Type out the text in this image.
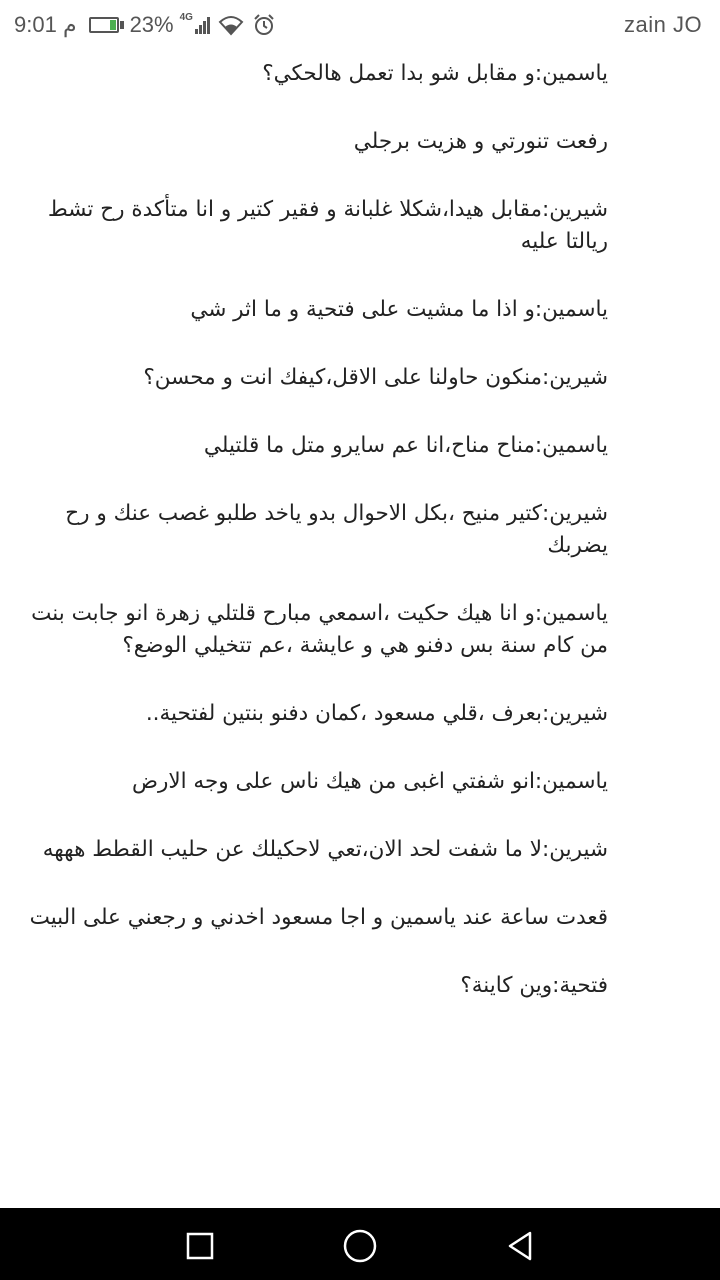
9:01 م 23% 4G	zain JO

ياسمين:و مقابل شو بدا تعمل هالحكي؟

رفعت تنورتي و هزيت برجلي

شيرين:مقابل هيدا،شكلا غلبانة و فقير كتير و انا متأكدة رح تشط ريالتا عليه

ياسمين:و اذا ما مشيت على فتحية و ما اثر شي

شيرين:منكون حاولنا على الاقل،كيفك انت و محسن؟

ياسمين:مناح مناح،انا عم سايرو متل ما قلتيلي

شيرين:كتير منيح ،بكل الاحوال بدو ياخد طلبو غصب عنك و رح يضربك

ياسمين:و انا هيك حكيت ،اسمعي مبارح قلتلي زهرة انو جابت بنت من كام سنة بس دفنو هي و عايشة ،عم تتخيلي الوضع؟

شيرين:بعرف ،قلي مسعود ،كمان دفنو بنتين لفتحية..

ياسمين:انو شفتي اغبى من هيك ناس على وجه الارض

شيرين:لا ما شفت لحد الان،تعي لاحكيلك عن حليب القطط هههه

قعدت ساعة عند ياسمين و اجا مسعود اخدني و رجعني على البيت

فتحية:وين كاينة؟
